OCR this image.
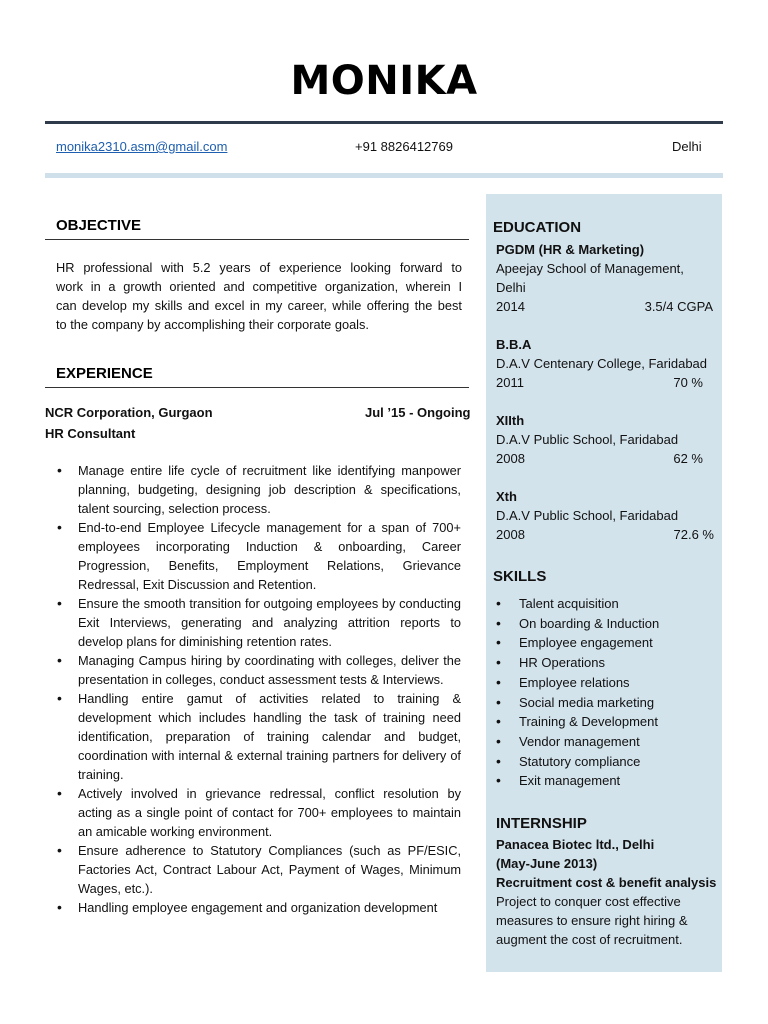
MONIKA
monika2310.asm@gmail.com	+91 8826412769	Delhi
OBJECTIVE
HR professional with 5.2 years of experience looking forward to
work in a growth oriented and competitive organization, wherein I
can develop my skills and excel in my career, while offering the best
to the company by accomplishing their corporate goals.
EXPERIENCE
NCR Corporation, Gurgaon	Jul ’15 - Ongoing
HR Consultant
• Manage entire life cycle of recruitment like identifying manpower planning, budgeting, designing job description & specifications, talent sourcing, selection process.
• End-to-end Employee Lifecycle management for a span of 700+ employees incorporating Induction & onboarding, Career Progression, Benefits, Employment Relations, Grievance Redressal, Exit Discussion and Retention.
• Ensure the smooth transition for outgoing employees by conducting Exit Interviews, generating and analyzing attrition reports to develop plans for diminishing retention rates.
• Managing Campus hiring by coordinating with colleges, deliver the presentation in colleges, conduct assessment tests & Interviews.
• Handling entire gamut of activities related to training & development which includes handling the task of training need identification, preparation of training calendar and budget, coordination with internal & external training partners for delivery of training.
• Actively involved in grievance redressal, conflict resolution by acting as a single point of contact for 700+ employees to maintain an amicable working environment.
• Ensure adherence to Statutory Compliances (such as PF/ESIC, Factories Act, Contract Labour Act, Payment of Wages, Minimum Wages, etc.).
• Handling employee engagement and organization development
EDUCATION
PGDM (HR & Marketing)
Apeejay School of Management,
Delhi
2014	3.5/4 CGPA
B.B.A
D.A.V Centenary College, Faridabad
2011	70 %
XIIth
D.A.V Public School, Faridabad
2008	62 %
Xth
D.A.V Public School, Faridabad
2008	72.6 %
SKILLS
• Talent acquisition
• On boarding & Induction
• Employee engagement
• HR Operations
• Employee relations
• Social media marketing
• Training & Development
• Vendor management
• Statutory compliance
• Exit management
INTERNSHIP
Panacea Biotec ltd., Delhi
(May-June 2013)
Recruitment cost & benefit analysis
Project to conquer cost effective
measures to ensure right hiring &
augment the cost of recruitment.
